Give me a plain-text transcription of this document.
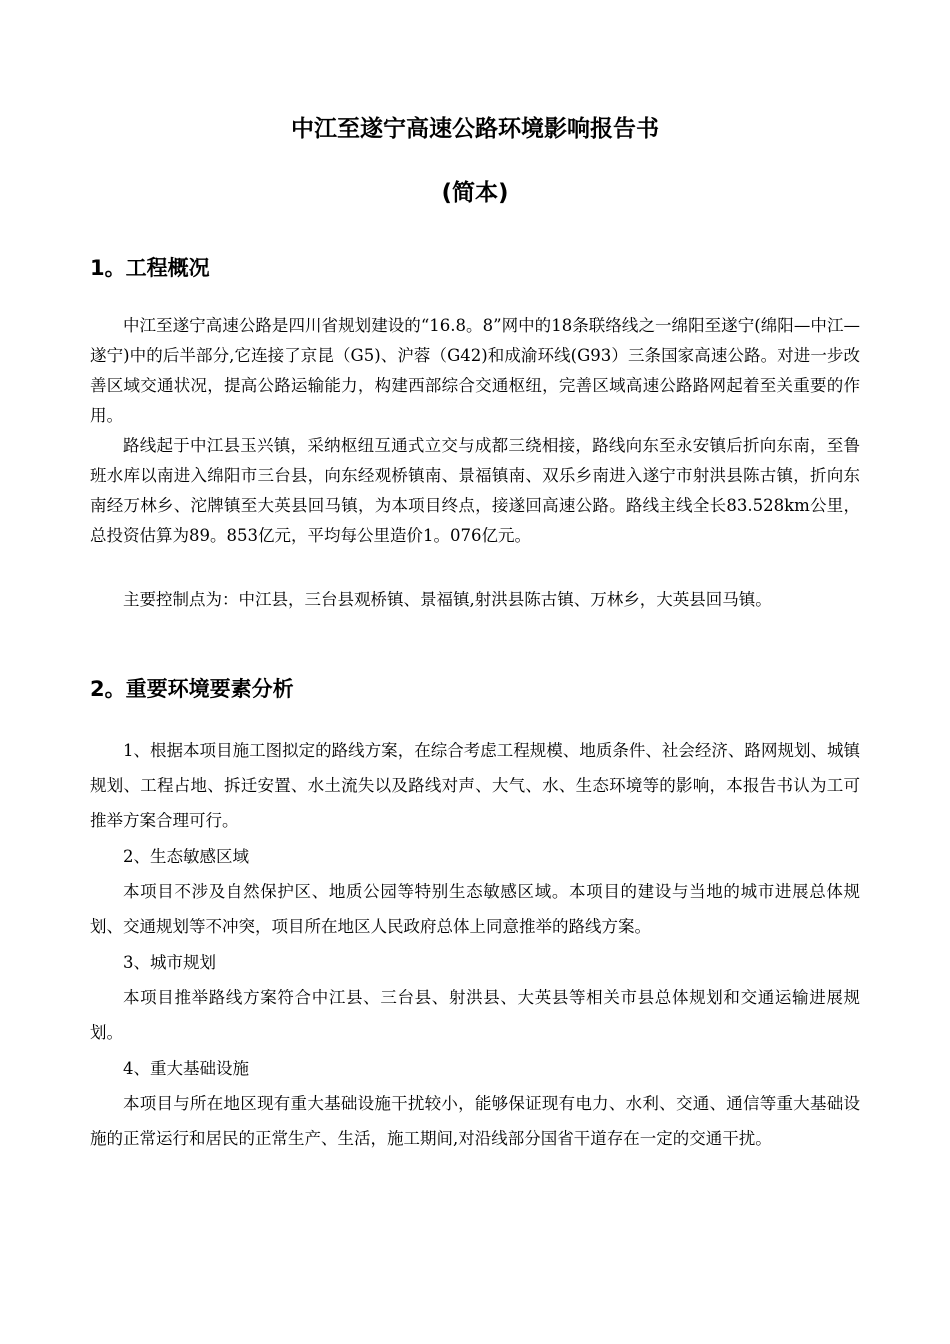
中江至遂宁高速公路环境影响报告书
(简本)
1。工程概况

中江至遂宁高速公路是四川省规划建设的“16.8。8”网中的18条联络线之一绵阳至遂宁(绵阳—中江—遂宁)中的后半部分,它连接了京昆（G5)、沪蓉（G42)和成渝环线(G93）三条国家高速公路。对进一步改善区域交通状况，提高公路运输能力，构建西部综合交通枢纽，完善区域高速公路路网起着至关重要的作用。

路线起于中江县玉兴镇，采纳枢纽互通式立交与成都三绕相接，路线向东至永安镇后折向东南，至鲁班水库以南进入绵阳市三台县，向东经观桥镇南、景福镇南、双乐乡南进入遂宁市射洪县陈古镇，折向东南经万林乡、沱牌镇至大英县回马镇，为本项目终点，接遂回高速公路。路线主线全长83.528km公里，总投资估算为89。853亿元，平均每公里造价1。076亿元。

主要控制点为：中江县，三台县观桥镇、景福镇,射洪县陈古镇、万林乡，大英县回马镇。

2。重要环境要素分析

1、根据本项目施工图拟定的路线方案，在综合考虑工程规模、地质条件、社会经济、路网规划、城镇规划、工程占地、拆迁安置、水土流失以及路线对声、大气、水、生态环境等的影响，本报告书认为工可推举方案合理可行。

2、生态敏感区域

本项目不涉及自然保护区、地质公园等特别生态敏感区域。本项目的建设与当地的城市进展总体规划、交通规划等不冲突，项目所在地区人民政府总体上同意推举的路线方案。

3、城市规划

本项目推举路线方案符合中江县、三台县、射洪县、大英县等相关市县总体规划和交通运输进展规划。

4、重大基础设施

本项目与所在地区现有重大基础设施干扰较小，能够保证现有电力、水利、交通、通信等重大基础设施的正常运行和居民的正常生产、生活，施工期间,对沿线部分国省干道存在一定的交通干扰。
